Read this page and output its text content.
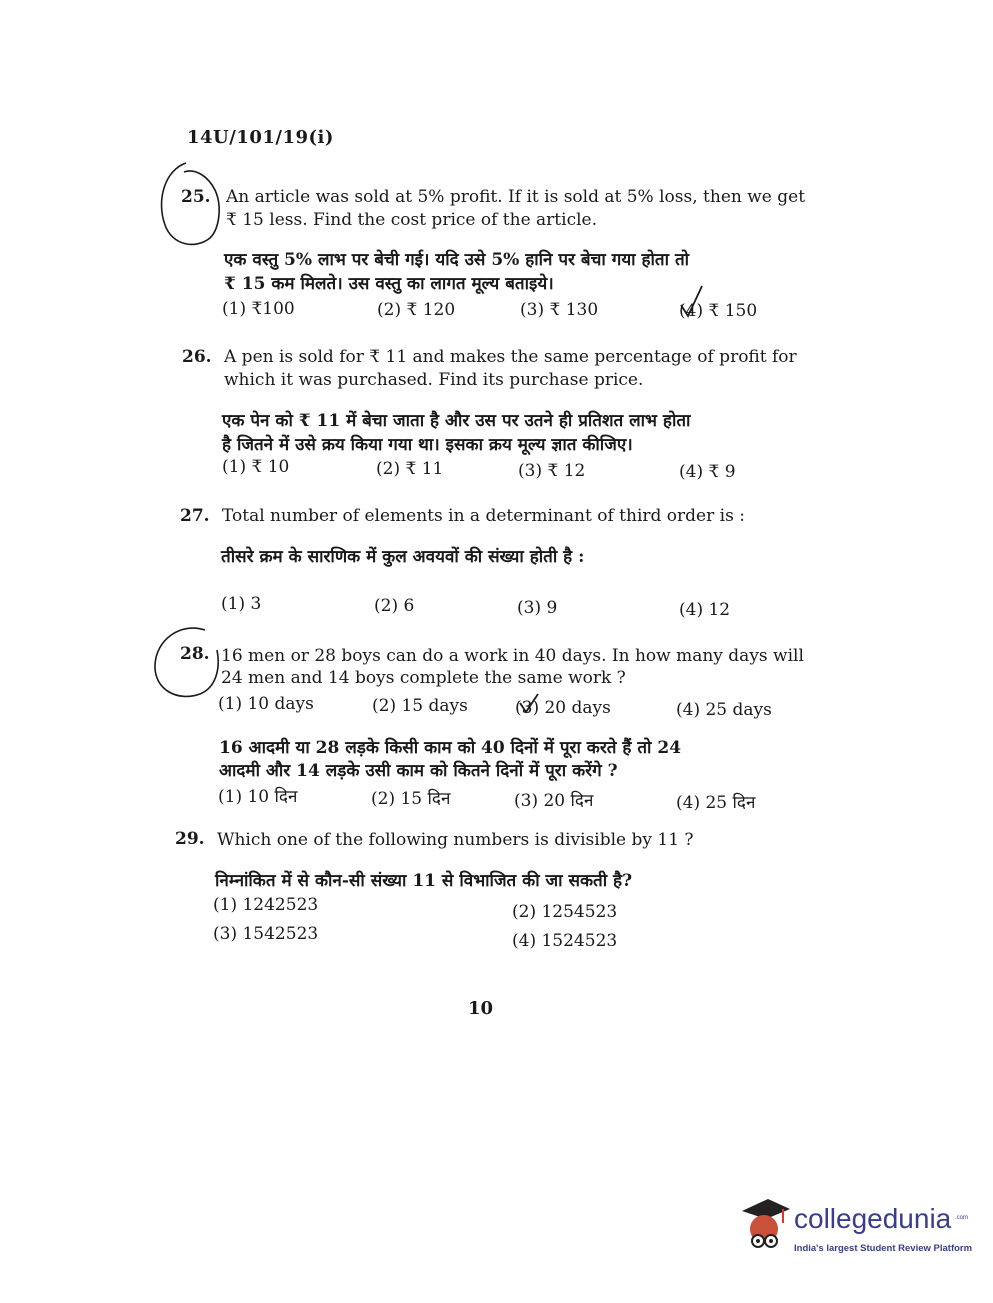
14U/101/19(i)
25. An article was sold at 5% profit. If it is sold at 5% loss, then we get
₹ 15 less. Find the cost price of the article.
एक वस्तु 5% लाभ पर बेची गई। यदि उसे 5% हानि पर बेचा गया होता तो
₹ 15 कम मिलते। उस वस्तु का लागत मूल्य बताइये।
(1) ₹100	(2) ₹ 120	(3) ₹ 130	(4) ₹ 150
26. A pen is sold for ₹ 11 and makes the same percentage of profit for
which it was purchased. Find its purchase price.
एक पेन को ₹ 11 में बेचा जाता है और उस पर उतने ही प्रतिशत लाभ होता
है जितने में उसे क्रय किया गया था। इसका क्रय मूल्य ज्ञात कीजिए।
(1) ₹ 10	(2) ₹ 11	(3) ₹ 12	(4) ₹ 9
27. Total number of elements in a determinant of third order is :
तीसरे क्रम के सारणिक में कुल अवयवों की संख्या होती है :
(1) 3	(2) 6	(3) 9	(4) 12
28. 16 men or 28 boys can do a work in 40 days. In how many days will
24 men and 14 boys complete the same work ?
(1) 10 days	(2) 15 days	(3) 20 days	(4) 25 days
16 आदमी या 28 लड़के किसी काम को 40 दिनों में पूरा करते हैं तो 24
आदमी और 14 लड़के उसी काम को कितने दिनों में पूरा करेंगे ?
(1) 10 दिन	(2) 15 दिन	(3) 20 दिन	(4) 25 दिन
29. Which one of the following numbers is divisible by 11 ?
निम्नांकित में से कौन-सी संख्या 11 से विभाजित की जा सकती है?
(1) 1242523	(2) 1254523
(3) 1542523	(4) 1524523
10
collegedunia .com
India's largest Student Review Platform
